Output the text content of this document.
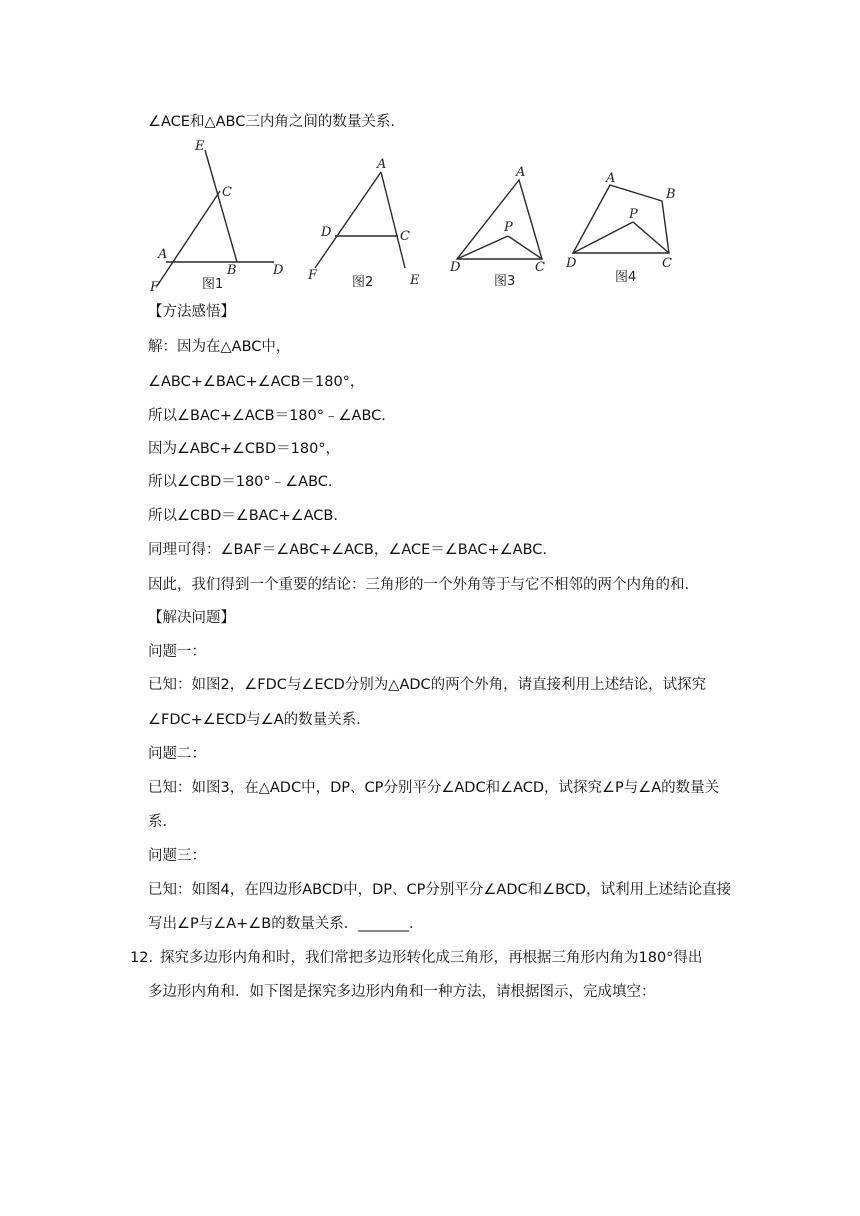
∠ACE和△ABC三内角之间的数量关系．
E
C
A
B	D
F	图1
A
D	C
F	E
图2
A
P
D	C
图3
A
B
P
D	C
图4
【方法感悟】
解：因为在△ABC中，
∠ABC+∠BAC+∠ACB＝180°，
所以∠BAC+∠ACB＝180°﹣∠ABC.
因为∠ABC+∠CBD＝180°，
所以∠CBD＝180°﹣∠ABC.
所以∠CBD＝∠BAC+∠ACB.
同理可得：∠BAF＝∠ABC+∠ACB，∠ACE＝∠BAC+∠ABC.
因此，我们得到一个重要的结论：三角形的一个外角等于与它不相邻的两个内角的和．
【解决问题】
问题一：
已知：如图2，∠FDC与∠ECD分别为△ADC的两个外角，请直接利用上述结论，试探究
∠FDC+∠ECD与∠A的数量关系．
问题二：
已知：如图3，在△ADC中，DP、CP分别平分∠ADC和∠ACD，试探究∠P与∠A的数量关
系．
问题三：
已知：如图4，在四边形ABCD中，DP、CP分别平分∠ADC和∠BCD，试利用上述结论直接
写出∠P与∠A+∠B的数量关系．_______．
12．
探究多边形内角和时，我们常把多边形转化成三角形，再根据三角形内角为180°得出
多边形内角和．如下图是探究多边形内角和一种方法，请根据图示，完成填空：
